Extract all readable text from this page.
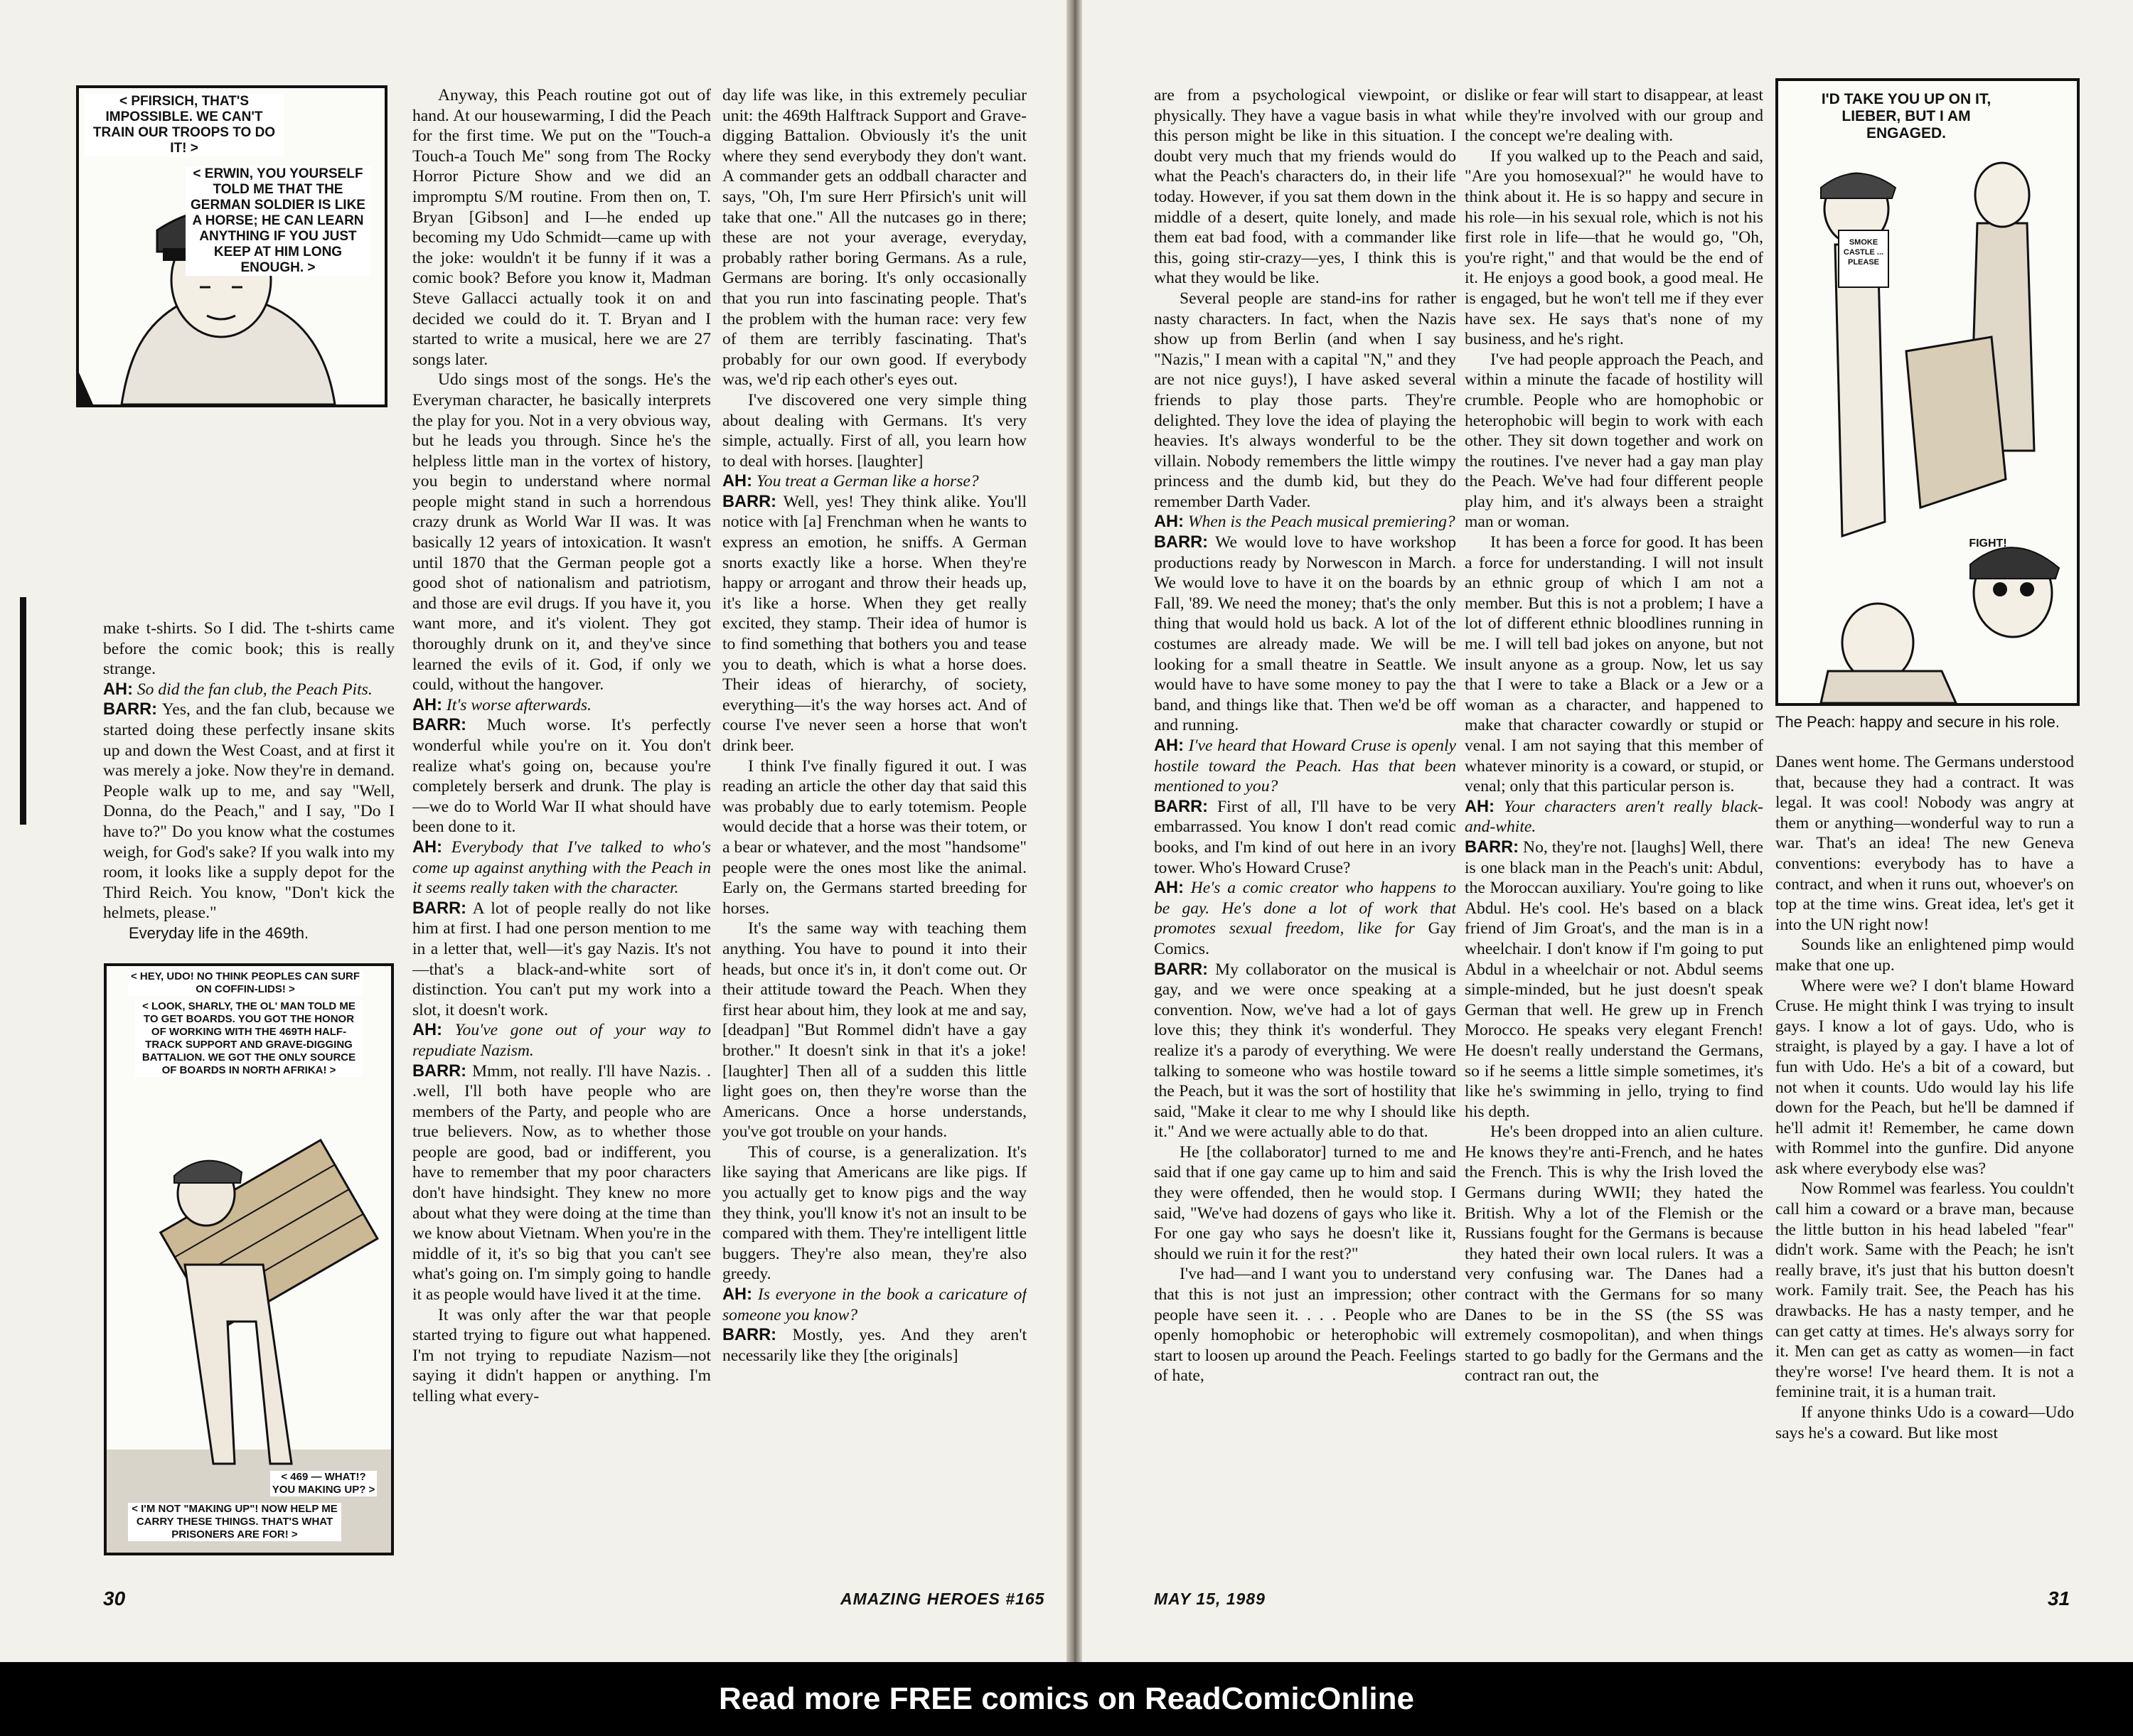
< PFIRSICH, THAT'S IMPOSSIBLE. WE CAN'T TRAIN OUR TROOPS TO DO IT! >
< ERWIN, YOU YOURSELF TOLD ME THAT THE GERMAN SOLDIER IS LIKE A HORSE; HE CAN LEARN ANYTHING IF YOU JUST KEEP AT HIM LONG ENOUGH. >

make t-shirts. So I did. The t-shirts came before the comic book; this is really strange.

AH: So did the fan club, the Peach Pits.

BARR: Yes, and the fan club, because we started doing these perfectly insane skits up and down the West Coast, and at first it was merely a joke. Now they're in demand. People walk up to me, and say "Well, Donna, do the Peach," and I say, "Do I have to?" Do you know what the costumes weigh, for God's sake? If you walk into my room, it looks like a supply depot for the Third Reich. You know, "Don't kick the helmets, please."

Everyday life in the 469th.

< HEY, UDO! NO THINK PEOPLES CAN SURF ON COFFIN-LIDS! >
< LOOK, SHARLY, THE OL' MAN TOLD ME TO GET BOARDS. YOU GOT THE HONOR OF WORKING WITH THE 469TH HALF-TRACK SUPPORT AND GRAVE-DIGGING BATTALION. WE GOT THE ONLY SOURCE OF BOARDS IN NORTH AFRIKA! >
< 469 — WHAT!? YOU MAKING UP? >
< I'M NOT "MAKING UP"! NOW HELP ME CARRY THESE THINGS. THAT'S WHAT PRISONERS ARE FOR! >

Anyway, this Peach routine got out of hand. At our housewarming, I did the Peach for the first time. We put on the "Touch-a Touch-a Touch Me" song from The Rocky Horror Picture Show and we did an impromptu S/M routine. From then on, T. Bryan [Gibson] and I—he ended up becoming my Udo Schmidt—came up with the joke: wouldn't it be funny if it was a comic book? Before you know it, Madman Steve Gallacci actually took it on and decided we could do it. T. Bryan and I started to write a musical, here we are 27 songs later.

Udo sings most of the songs. He's the Everyman character, he basically interprets the play for you. Not in a very obvious way, but he leads you through. Since he's the helpless little man in the vortex of history, you begin to understand where normal people might stand in such a horrendous crazy drunk as World War II was. It was basically 12 years of intoxication. It wasn't until 1870 that the German people got a good shot of nationalism and patriotism, and those are evil drugs. If you have it, you want more, and it's violent. They got thoroughly drunk on it, and they've since learned the evils of it. God, if only we could, without the hangover.

AH: It's worse afterwards.

BARR: Much worse. It's perfectly wonderful while you're on it. You don't realize what's going on, because you're completely berserk and drunk. The play is—we do to World War II what should have been done to it.

AH: Everybody that I've talked to who's come up against anything with the Peach in it seems really taken with the character.

BARR: A lot of people really do not like him at first. I had one person mention to me in a letter that, well—it's gay Nazis. It's not—that's a black-and-white sort of distinction. You can't put my work into a slot, it doesn't work.

AH: You've gone out of your way to repudiate Nazism.

BARR: Mmm, not really. I'll have Nazis. . .well, I'll both have people who are members of the Party, and people who are true believers. Now, as to whether those people are good, bad or indifferent, you have to remember that my poor characters don't have hindsight. They knew no more about what they were doing at the time than we know about Vietnam. When you're in the middle of it, it's so big that you can't see what's going on. I'm simply going to handle it as people would have lived it at the time.

It was only after the war that people started trying to figure out what happened. I'm not trying to repudiate Nazism—not saying it didn't happen or anything. I'm telling what every-

day life was like, in this extremely peculiar unit: the 469th Halftrack Support and Grave-digging Battalion. Obviously it's the unit where they send everybody they don't want. A commander gets an oddball character and says, "Oh, I'm sure Herr Pfirsich's unit will take that one." All the nutcases go in there; these are not your average, everyday, probably rather boring Germans. As a rule, Germans are boring. It's only occasionally that you run into fascinating people. That's the problem with the human race: very few of them are terribly fascinating. That's probably for our own good. If everybody was, we'd rip each other's eyes out.

I've discovered one very simple thing about dealing with Germans. It's very simple, actually. First of all, you learn how to deal with horses. [laughter]

AH: You treat a German like a horse?

BARR: Well, yes! They think alike. You'll notice with [a] Frenchman when he wants to express an emotion, he sniffs. A German snorts exactly like a horse. When they're happy or arrogant and throw their heads up, it's like a horse. When they get really excited, they stamp. Their idea of humor is to find something that bothers you and tease you to death, which is what a horse does. Their ideas of hierarchy, of society, everything—it's the way horses act. And of course I've never seen a horse that won't drink beer.

I think I've finally figured it out. I was reading an article the other day that said this was probably due to early totemism. People would decide that a horse was their totem, or a bear or whatever, and the most "handsome" people were the ones most like the animal. Early on, the Germans started breeding for horses.

It's the same way with teaching them anything. You have to pound it into their heads, but once it's in, it don't come out. Or their attitude toward the Peach. When they first hear about him, they look at me and say, [deadpan] "But Rommel didn't have a gay brother." It doesn't sink in that it's a joke! [laughter] Then all of a sudden this little light goes on, then they're worse than the Americans. Once a horse understands, you've got trouble on your hands.

This of course, is a generalization. It's like saying that Americans are like pigs. If you actually get to know pigs and the way they think, you'll know it's not an insult to be compared with them. They're intelligent little buggers. They're also mean, they're also greedy.

AH: Is everyone in the book a caricature of someone you know?

BARR: Mostly, yes. And they aren't necessarily like they [the originals]

30	AMAZING HEROES #165

are from a psychological viewpoint, or physically. They have a vague basis in what this person might be like in this situation. I doubt very much that my friends would do what the Peach's characters do, in their life today. However, if you sat them down in the middle of a desert, quite lonely, and made them eat bad food, with a commander like this, going stir-crazy—yes, I think this is what they would be like.

Several people are stand-ins for rather nasty characters. In fact, when the Nazis show up from Berlin (and when I say "Nazis," I mean with a capital "N," and they are not nice guys!), I have asked several friends to play those parts. They're delighted. They love the idea of playing the heavies. It's always wonderful to be the villain. Nobody remembers the little wimpy princess and the dumb kid, but they do remember Darth Vader.

AH: When is the Peach musical premiering?

BARR: We would love to have workshop productions ready by Norwescon in March. We would love to have it on the boards by Fall, '89. We need the money; that's the only thing that would hold us back. A lot of the costumes are already made. We will be looking for a small theatre in Seattle. We would have to have some money to pay the band, and things like that. Then we'd be off and running.

AH: I've heard that Howard Cruse is openly hostile toward the Peach. Has that been mentioned to you?

BARR: First of all, I'll have to be very embarrassed. You know I don't read comic books, and I'm kind of out here in an ivory tower. Who's Howard Cruse?

AH: He's a comic creator who happens to be gay. He's done a lot of work that promotes sexual freedom, like for Gay Comics.

BARR: My collaborator on the musical is gay, and we were once speaking at a convention. Now, we've had a lot of gays love this; they think it's wonderful. They realize it's a parody of everything. We were talking to someone who was hostile toward the Peach, but it was the sort of hostility that said, "Make it clear to me why I should like it." And we were actually able to do that.

He [the collaborator] turned to me and said that if one gay came up to him and said they were offended, then he would stop. I said, "We've had dozens of gays who like it. For one gay who says he doesn't like it, should we ruin it for the rest?"

I've had—and I want you to understand that this is not just an impression; other people have seen it. . . . People who are openly homophobic or heterophobic will start to loosen up around the Peach. Feelings of hate,

dislike or fear will start to disappear, at least while they're involved with our group and the concept we're dealing with.

If you walked up to the Peach and said, "Are you homosexual?" he would have to think about it. He is so happy and secure in his role—in his sexual role, which is not his first role in life—that he would go, "Oh, you're right," and that would be the end of it. He enjoys a good book, a good meal. He is engaged, but he won't tell me if they ever have sex. He says that's none of my business, and he's right.

I've had people approach the Peach, and within a minute the facade of hostility will crumble. People who are homophobic or heterophobic will begin to work with each other. They sit down together and work on the routines. I've never had a gay man play the Peach. We've had four different people play him, and it's always been a straight man or woman.

It has been a force for good. It has been a force for understanding. I will not insult an ethnic group of which I am not a member. But this is not a problem; I have a lot of different ethnic bloodlines running in me. I will tell bad jokes on anyone, but not insult anyone as a group. Now, let us say that I were to take a Black or a Jew or a woman as a character, and happened to make that character cowardly or stupid or venal. I am not saying that this member of whatever minority is a coward, or stupid, or venal; only that this particular person is.

AH: Your characters aren't really black-and-white.

BARR: No, they're not. [laughs] Well, there is one black man in the Peach's unit: Abdul, the Moroccan auxiliary. You're going to like Abdul. He's cool. He's based on a black friend of Jim Groat's, and the man is in a wheelchair. I don't know if I'm going to put Abdul in a wheelchair or not. Abdul seems simple-minded, but he just doesn't speak German that well. He grew up in French Morocco. He speaks very elegant French! He doesn't really understand the Germans, so if he seems a little simple sometimes, it's like he's swimming in jello, trying to find his depth.

He's been dropped into an alien culture. He knows they're anti-French, and he hates the French. This is why the Irish loved the Germans during WWII; they hated the British. Why a lot of the Flemish or the Russians fought for the Germans is because they hated their own local rulers. It was a very confusing war. The Danes had a contract with the Germans for so many Danes to be in the SS (the SS was extremely cosmopolitan), and when things started to go badly for the Germans and the contract ran out, the

I'D TAKE YOU UP ON IT, LIEBER, BUT I AM ENGAGED.
SMOKE CASTLE ... PLEASE
FIGHT!
The Peach: happy and secure in his role.

Danes went home. The Germans understood that, because they had a contract. It was legal. It was cool! Nobody was angry at them or anything—wonderful way to run a war. That's an idea! The new Geneva conventions: everybody has to have a contract, and when it runs out, whoever's on top at the time wins. Great idea, let's get it into the UN right now!

Sounds like an enlightened pimp would make that one up.

Where were we? I don't blame Howard Cruse. He might think I was trying to insult gays. I know a lot of gays. Udo, who is straight, is played by a gay. I have a lot of fun with Udo. He's a bit of a coward, but not when it counts. Udo would lay his life down for the Peach, but he'll be damned if he'll admit it! Remember, he came down with Rommel into the gunfire. Did anyone ask where everybody else was?

Now Rommel was fearless. You couldn't call him a coward or a brave man, because the little button in his head labeled "fear" didn't work. Same with the Peach; he isn't really brave, it's just that his button doesn't work. Family trait. See, the Peach has his drawbacks. He has a nasty temper, and he can get catty at times. He's always sorry for it. Men can get as catty as women—in fact they're worse! I've heard them. It is not a feminine trait, it is a human trait.

If anyone thinks Udo is a coward—Udo says he's a coward. But like most

MAY 15, 1989	31
Read more FREE comics on ReadComicOnline
